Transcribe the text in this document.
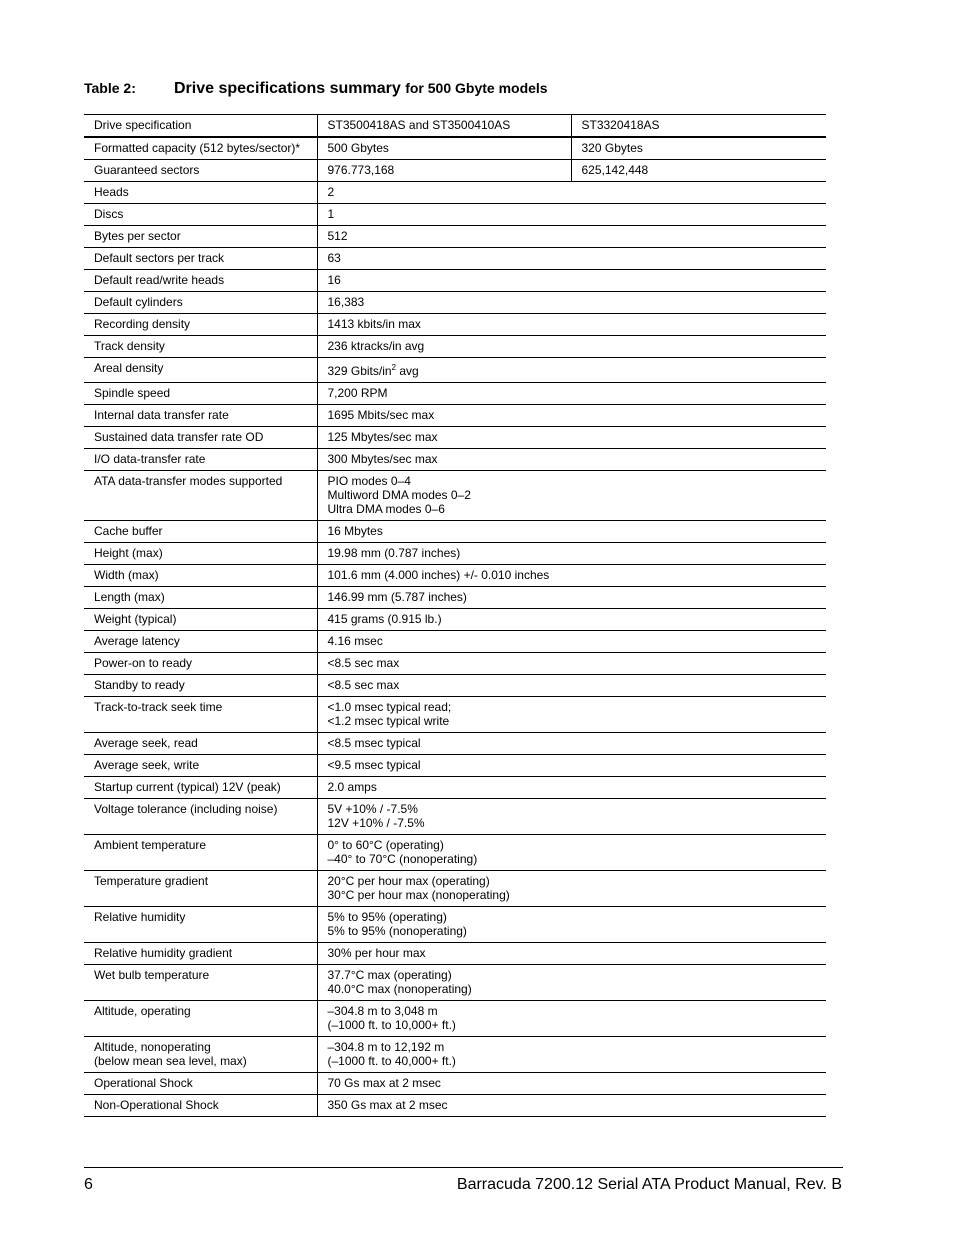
Table 2: Drive specifications summary for 500 Gbyte models
Drive specification	ST3500418AS and ST3500410AS	ST3320418AS
Formatted capacity (512 bytes/sector)*	500 Gbytes	320 Gbytes
Guaranteed sectors	976.773,168	625,142,448
Heads	2	
Discs	1	
Bytes per sector	512	
Default sectors per track	63	
Default read/write heads	16	
Default cylinders	16,383	
Recording density	1413 kbits/in max	
Track density	236 ktracks/in avg	
Areal density	329 Gbits/$in^2$ avg	
Spindle speed	7,200 RPM	
Internal data transfer rate	1695 Mbits/sec max	
Sustained data transfer rate OD	125 Mbytes/sec max	
I/O data-transfer rate	300 Mbytes/sec max	
ATA data-transfer modes supported	PIO modes 0–4
Multiword DMA modes 0–2
Ultra DMA modes 0–6	
Cache buffer	16 Mbytes	
Height (max)	19.98 mm (0.787 inches)	
Width (max)	101.6 mm (4.000 inches) +/- 0.010 inches	
Length (max)	146.99 mm (5.787 inches)	
Weight (typical)	415 grams (0.915 lb.)	
Average latency	4.16 msec	
Power-on to ready	<8.5 sec max	
Standby to ready	<8.5 sec max	
Track-to-track seek time	<1.0 msec typical read;
<1.2 msec typical write	
Average seek, read	<8.5 msec typical	
Average seek, write	<9.5 msec typical	
Startup current (typical) 12V (peak)	2.0 amps	
Voltage tolerance (including noise)	5V +10% / -7.5%
12V +10% / -7.5%	
Ambient temperature	0° to 60°C (operating)
–40° to 70°C (nonoperating)	
Temperature gradient	20°C per hour max (operating)
30°C per hour max (nonoperating)	
Relative humidity	5% to 95% (operating)
5% to 95% (nonoperating)	
Relative humidity gradient	30% per hour max	
Wet bulb temperature	37.7°C max (operating)
40.0°C max (nonoperating)	
Altitude, operating	–304.8 m to 3,048 m
(–1000 ft. to 10,000+ ft.)	
Altitude, nonoperating
(below mean sea level, max)	–304.8 m to 12,192 m
(–1000 ft. to 40,000+ ft.)	
Operational Shock	70 Gs max at 2 msec	
Non-Operational Shock	350 Gs max at 2 msec	
6	Barracuda 7200.12 Serial ATA Product Manual, Rev. B
